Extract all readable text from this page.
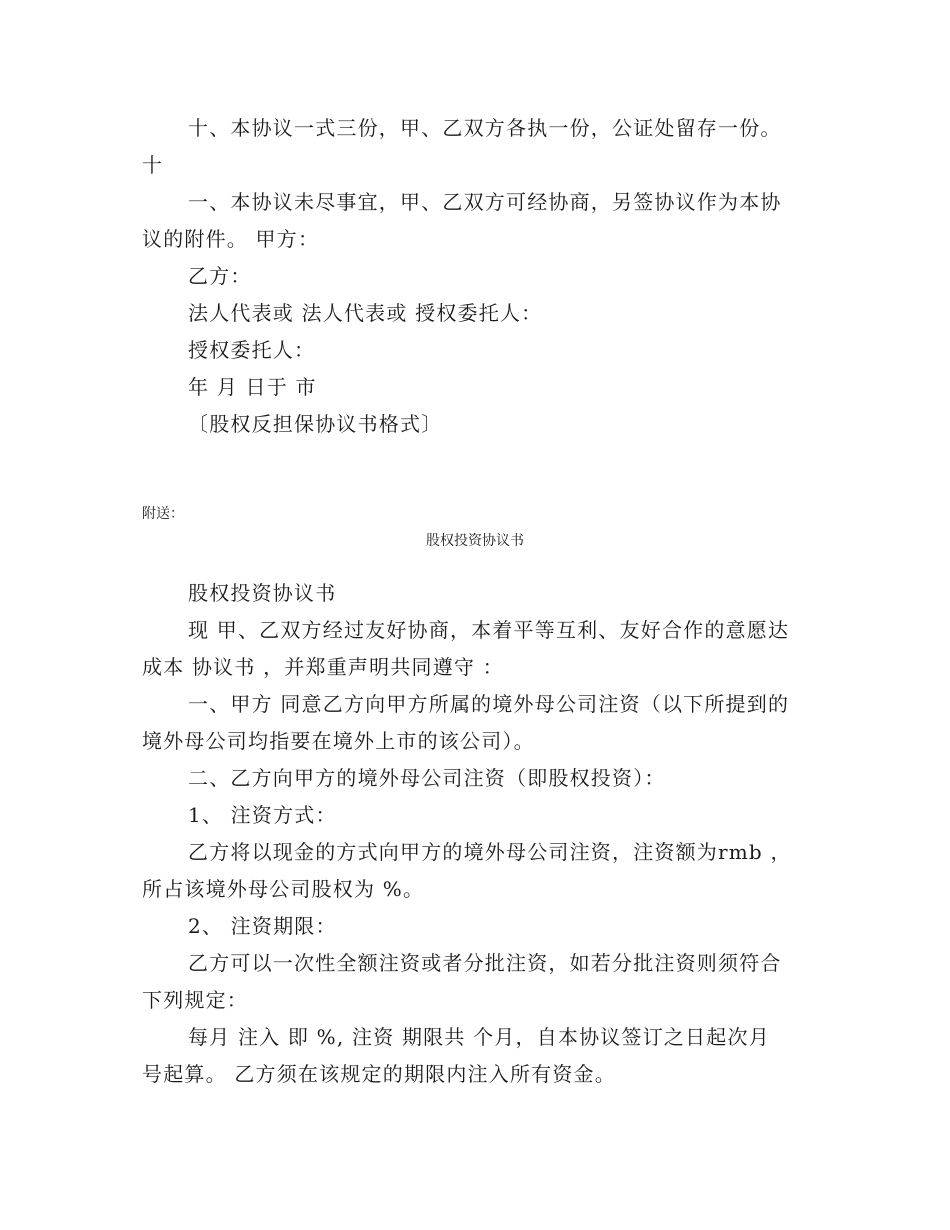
十、本协议一式三份，甲、乙双方各执一份，公证处留存一份。
十
一、本协议未尽事宜，甲、乙双方可经协商，另签协议作为本协
议的附件。 甲方：
乙方：
法人代表或 法人代表或 授权委托人：
授权委托人：
年 月 日于 市
〔股权反担保协议书格式〕
附送：
股权投资协议书
股权投资协议书
现 甲、乙双方经过友好协商，本着平等互利、友好合作的意愿达
成本 协议书 ，并郑重声明共同遵守 ：
一、甲方 同意乙方向甲方所属的境外母公司注资（以下所提到的
境外母公司均指要在境外上市的该公司）。
二、乙方向甲方的境外母公司注资（即股权投资）：
1、 注资方式：
乙方将以现金的方式向甲方的境外母公司注资，注资额为rmb ，
所占该境外母公司股权为 %。
2、 注资期限：
乙方可以一次性全额注资或者分批注资，如若分批注资则须符合
下列规定：
每月 注入 即 %, 注资 期限共 个月，自本协议签订之日起次月
号起算。 乙方须在该规定的期限内注入所有资金。
